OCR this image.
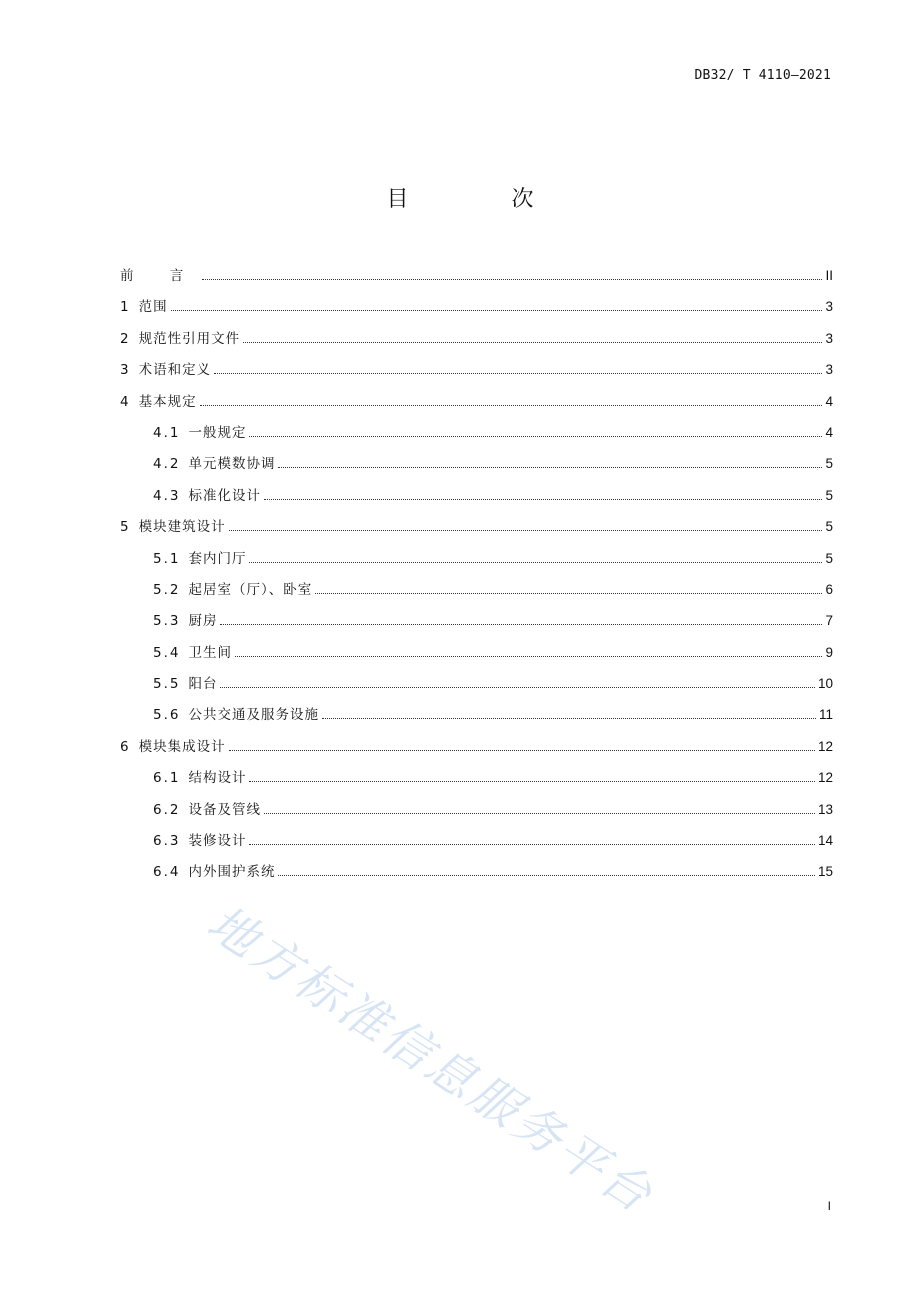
DB32/ T 4110—2021
目 次
前 言	II
1 范围	3
2 规范性引用文件	3
3 术语和定义	3
4 基本规定	4
4.1 一般规定	4
4.2 单元模数协调	5
4.3 标准化设计	5
5 模块建筑设计	5
5.1 套内门厅	5
5.2 起居室（厅）、卧室	6
5.3 厨房	7
5.4 卫生间	9
5.5 阳台	10
5.6 公共交通及服务设施	11
6 模块集成设计	12
6.1 结构设计	12
6.2 设备及管线	13
6.3 装修设计	14
6.4 内外围护系统	15
地方标准信息服务平台	I
